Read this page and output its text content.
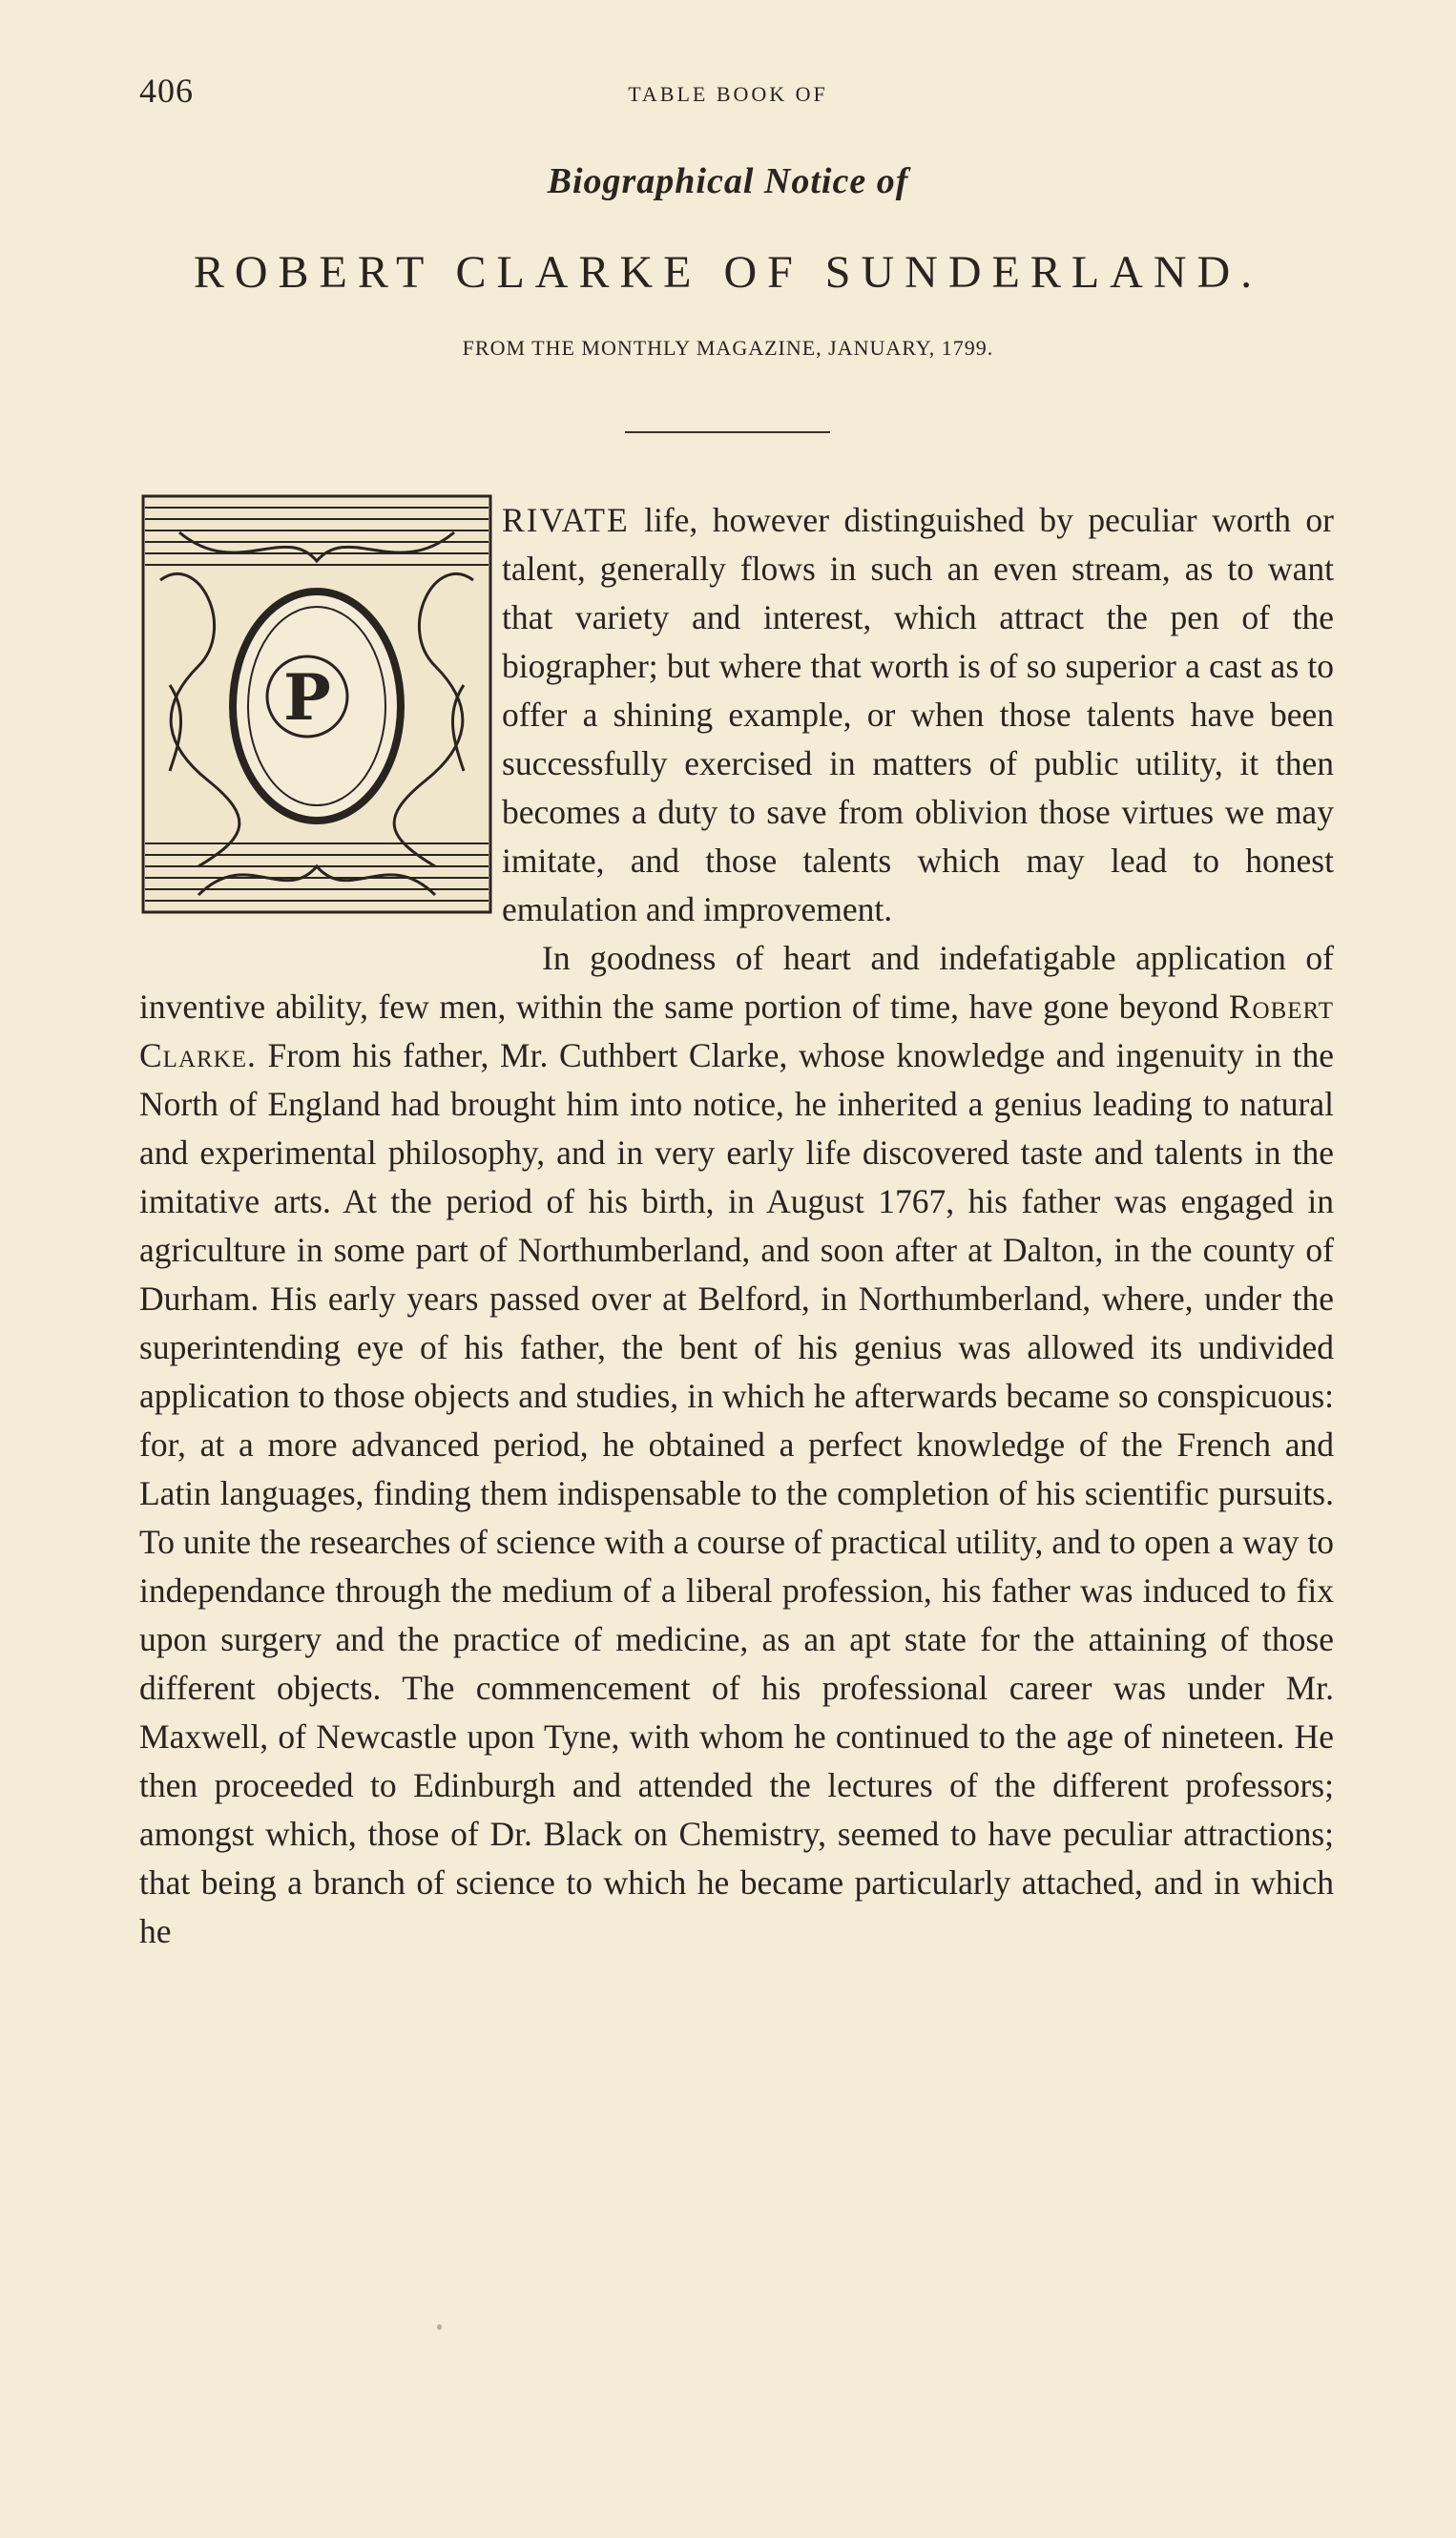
406	TABLE BOOK OF
Biographical Notice of
ROBERT CLARKE OF SUNDERLAND.
FROM THE MONTHLY MAGAZINE, JANUARY, 1799.
P

RIVATE life, however distinguished by peculiar worth or talent, generally flows in such an even stream, as to want that variety and interest, which attract the pen of the biographer; but where that worth is of so superior a cast as to offer a shining example, or when those talents have been successfully exercised in matters of public utility, it then becomes a duty to save from oblivion those virtues we may imitate, and those talents which may lead to honest emulation and improvement.

In goodness of heart and indefatigable application of inventive ability, few men, within the same portion of time, have gone beyond Robert Clarke. From his father, Mr. Cuthbert Clarke, whose knowledge and ingenuity in the North of England had brought him into notice, he inherited a genius leading to natural and experimental philosophy, and in very early life discovered taste and talents in the imitative arts. At the period of his birth, in August 1767, his father was engaged in agriculture in some part of Northumberland, and soon after at Dalton, in the county of Durham. His early years passed over at Belford, in Northumberland, where, under the superintending eye of his father, the bent of his genius was allowed its undivided application to those objects and studies, in which he afterwards became so conspicuous: for, at a more advanced period, he obtained a perfect knowledge of the French and Latin languages, finding them indispensable to the completion of his scientific pursuits. To unite the researches of science with a course of practical utility, and to open a way to independance through the medium of a liberal profession, his father was induced to fix upon surgery and the practice of medicine, as an apt state for the attaining of those different objects. The commencement of his professional career was under Mr. Maxwell, of Newcastle upon Tyne, with whom he continued to the age of nineteen. He then proceeded to Edinburgh and attended the lectures of the different professors; amongst which, those of Dr. Black on Chemistry, seemed to have peculiar attractions; that being a branch of science to which he became particularly attached, and in which he
